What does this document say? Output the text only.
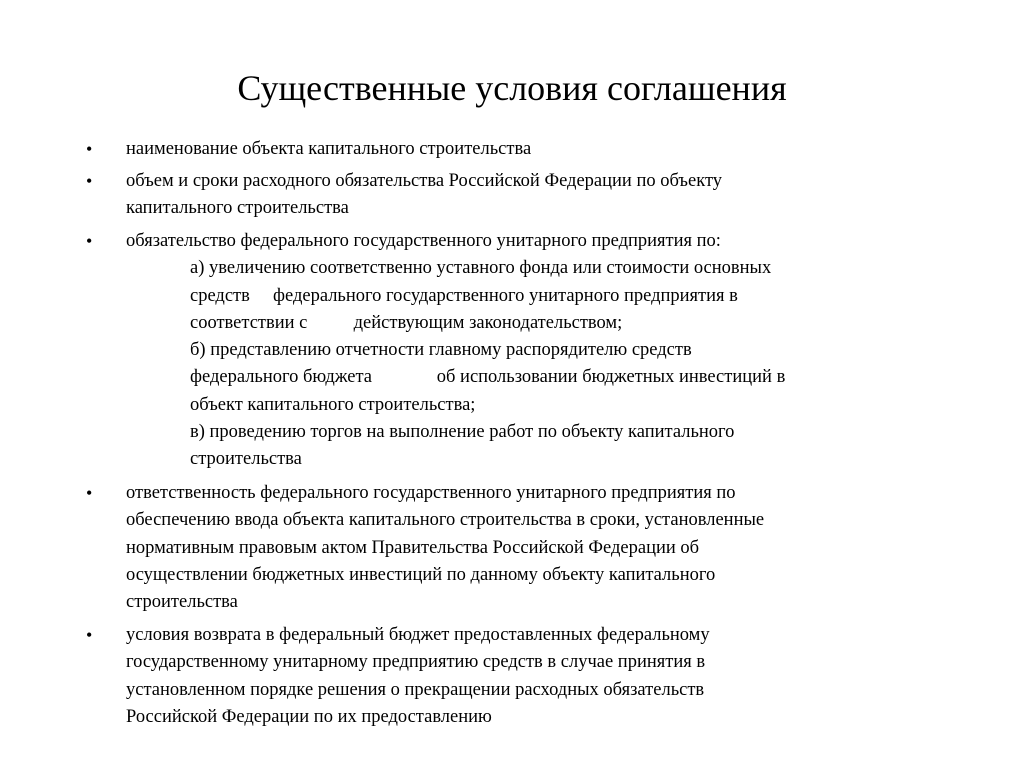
Существенные условия соглашения
• наименование объекта капитального строительства
• объем и сроки расходного обязательства Российской Федерации по объекту
капитального строительства
• обязательство федерального государственного унитарного предприятия по:
а) увеличению соответственно уставного фонда или стоимости основных
средств     федерального государственного унитарного предприятия в
соответствии с          действующим законодательством;
б) представлению отчетности главному распорядителю средств
федерального бюджета              об использовании бюджетных инвестиций в
объект капитального строительства;
в) проведению торгов на выполнение работ по объекту капитального
строительства
• ответственность федерального государственного унитарного предприятия по
обеспечению ввода объекта капитального строительства в сроки, установленные
нормативным правовым актом Правительства Российской Федерации об
осуществлении бюджетных инвестиций по данному объекту капитального
строительства
• условия возврата в федеральный бюджет предоставленных федеральному
государственному унитарному предприятию средств в случае принятия в
установленном порядке решения о прекращении расходных обязательств
Российской Федерации по их предоставлению
